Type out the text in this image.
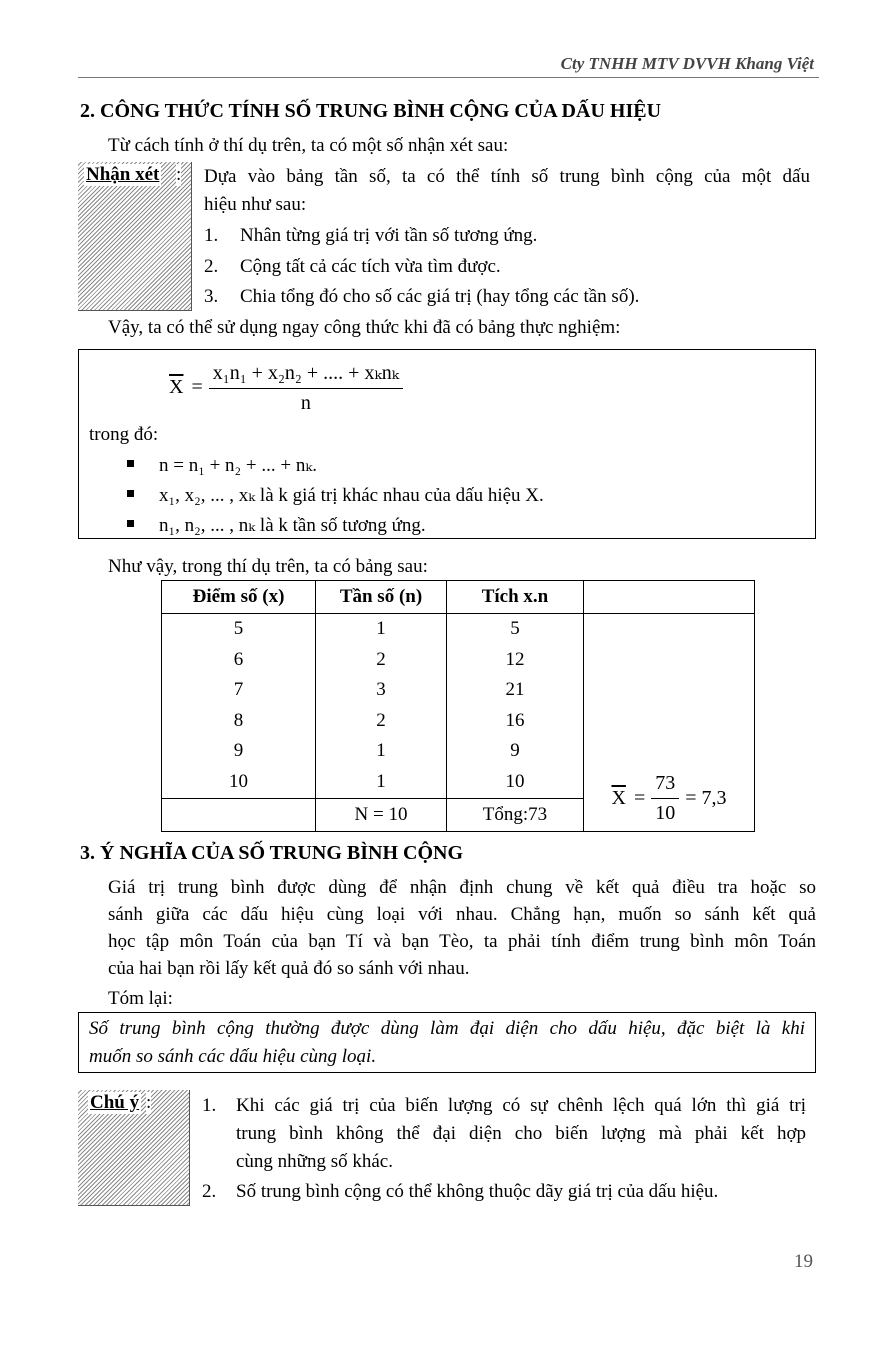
Cty TNHH MTV DVVH Khang Việt
2. CÔNG THỨC TÍNH SỐ TRUNG BÌNH CỘNG CỦA DẤU HIỆU
Từ cách tính ở thí dụ trên, ta có một số nhận xét sau:
Nhận xét : Dựa vào bảng tần số, ta có thể tính số trung bình cộng của một dấu
hiệu như sau:
1. Nhân từng giá trị với tần số tương ứng.
2. Cộng tất cả các tích vừa tìm được.
3. Chia tổng đó cho số các giá trị (hay tổng các tần số).
Vậy, ta có thể sử dụng ngay công thức khi đã có bảng thực nghiệm:
$\overline{X} = \frac{\text{x₁n₁ + x₂n₂ + .... + xₖnₖ}}{n}$
trong đó:
n = n₁ + n₂ + ... + nₖ.
x₁, x₂, ... , xₖ là k giá trị khác nhau của dấu hiệu X.
n₁, n₂, ... , nₖ là k tần số tương ứng.
Như vậy, trong thí dụ trên, ta có bảng sau:
Điểm số (x)	Tần số (n)	Tích x.n	
5	1	5	$\overline{X} = \frac{73}{10} = 7,3$
6	2	12	
7	3	21	
8	2	16	
9	1	9	
10	1	10	
	N = 10	Tổng:73	
3. Ý NGHĨA CỦA SỐ TRUNG BÌNH CỘNG
Giá trị trung bình được dùng để nhận định chung về kết quả điều tra hoặc so
sánh giữa các dấu hiệu cùng loại với nhau. Chẳng hạn, muốn so sánh kết quả
học tập môn Toán của bạn Tí và bạn Tèo, ta phải tính điểm trung bình môn Toán
của hai bạn rồi lấy kết quả đó so sánh với nhau.
Tóm lại:
Số trung bình cộng thường được dùng làm đại diện cho dấu hiệu, đặc biệt là khi
muốn so sánh các dấu hiệu cùng loại.
Chú ý :	1. Khi các giá trị của biến lượng có sự chênh lệch quá lớn thì giá trị
trung bình không thể đại diện cho biến lượng mà phải kết hợp
cùng những số khác.
2. Số trung bình cộng có thể không thuộc dãy giá trị của dấu hiệu.
19
